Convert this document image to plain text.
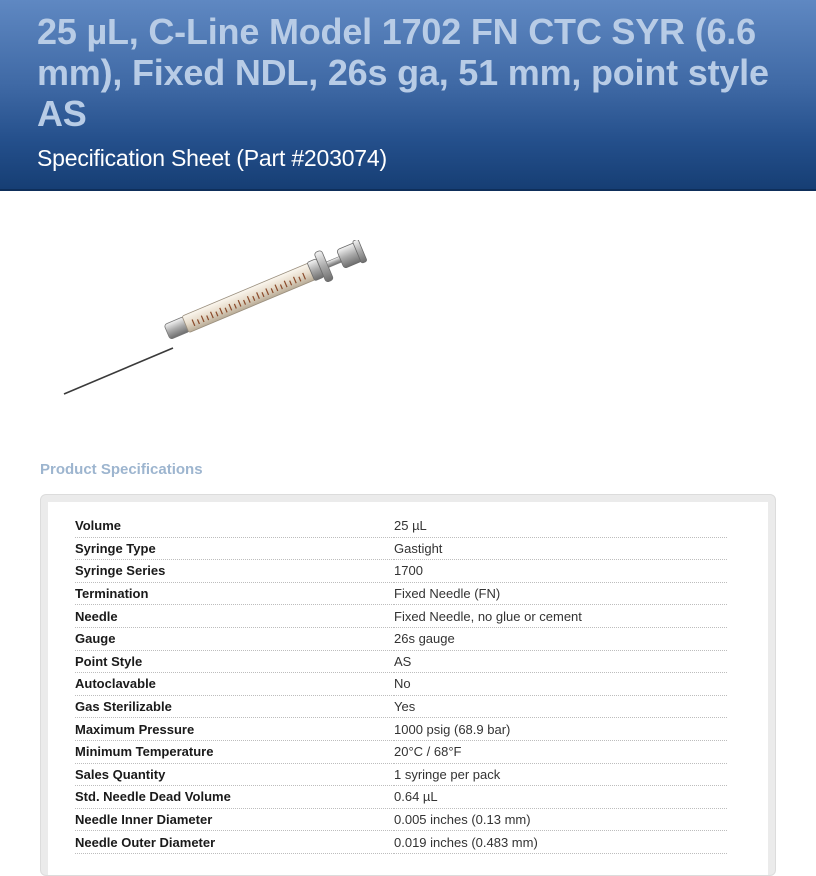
25 µL, C-Line Model 1702 FN CTC SYR (6.6 mm), Fixed NDL, 26s ga, 51 mm, point style AS
Specification Sheet (Part #203074)
Product Specifications
Volume	25 µL
Syringe Type	Gastight
Syringe Series	1700
Termination	Fixed Needle (FN)
Needle	Fixed Needle, no glue or cement
Gauge	26s gauge
Point Style	AS
Autoclavable	No
Gas Sterilizable	Yes
Maximum Pressure	1000 psig (68.9 bar)
Minimum Temperature	20°C / 68°F
Sales Quantity	1 syringe per pack
Std. Needle Dead Volume	0.64 µL
Needle Inner Diameter	0.005 inches (0.13 mm)
Needle Outer Diameter	0.019 inches (0.483 mm)
